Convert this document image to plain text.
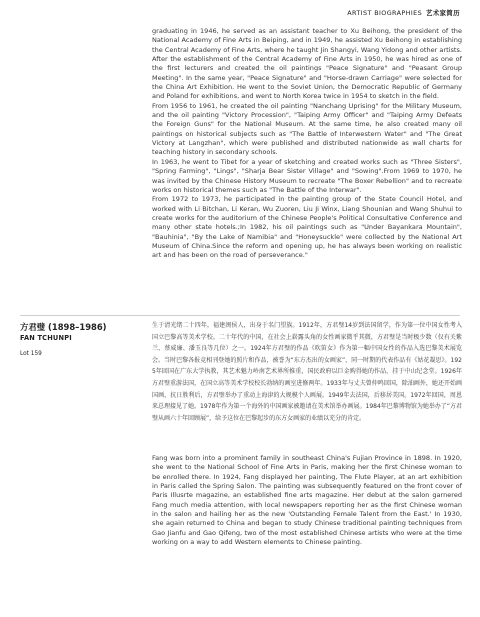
ARTIST BIOGRAPHIES 艺术家简历

graduating in 1946, he served as an assistant teacher to Xu Beihong, the president of the National Academy of Fine Arts in Beiping, and in 1949, he assisted Xu Beihong in establishing the Central Academy of Fine Arts, where he taught Jin Shangyi, Wang Yidong and other artists. After the establishment of the Central Academy of Fine Arts in 1950, he was hired as one of the first lecturers and created the oil paintings "Peace Signature" and "Peasant Group Meeting". In the same year, "Peace Signature" and "Horse-drawn Carriage" were selected for the China Art Exhibition. He went to the Soviet Union, the Democratic Republic of Germany and Poland for exhibitions, and went to North Korea twice in 1954 to sketch in the field.

From 1956 to 1961, he created the oil painting "Nanchang Uprising" for the Military Museum, and the oil painting "Victory Procession", "Taiping Army Officer" and "Taiping Army Defeats the Foreign Guns" for the National Museum. At the same time, he also created many oil paintings on historical subjects such as "The Battle of Interwestern Water" and "The Great Victory at Langzhan", which were published and distributed nationwide as wall charts for teaching history in secondary schools.

In 1963, he went to Tibet for a year of sketching and created works such as "Three Sisters", "Spring Farming", "Lings", "Sharja Bear Sister Village" and "Sowing".From 1969 to 1970, he was invited by the Chinese History Museum to recreate "The Boxer Rebellion" and to recreate works on historical themes such as "The Battle of the Interwar".

From 1972 to 1973, he participated in the painting group of the State Council Hotel, and worked with Li Bitchan, Li Keran, Wu Zuoren, Liu Ji Winx, Liang Shounian and Wang Shuhui to create works for the auditorium of the Chinese People's Political Consultative Conference and many other state hotels.;In 1982, his oil paintings such as "Under Bayankara Mountain", "Bauhinia", "By the Lake of Namibia" and "Honeysuckle" were collected by the National Art Museum of China.Since the reform and opening up, he has always been working on realistic art and has been on the road of perseverance."

方君璧 (1898–1986)

FAN TCHUNPI

Lot 159

生于清光绪二十四年，福建闽侯人，出身于名门望族。1912年，方君璧14岁到法国留学，作为第一位中国女性考入国立巴黎高等美术学校。二十年代的中国，在社会上崭露头角的女性画家微乎其微，方君璧是当时极少数（仅有关紫兰、蔡威廉、潘玉良等几位）之一。1924年方君璧的作品《吹笛女》作为第一幅中国女性的作品入选巴黎美术展览会。当时巴黎各报竞相刊登她的照片和作品，被誉为“东方杰出的女画家”，同一时期的代表作品有《姑花凝思》。1925年回国在广东大学执教，其艺术魅力岭南艺术界所推重，国民政府以巨金购得她的作品，挂于中山纪念堂。1926年方君璧重游法国，在国立高等美术学校校长勃纳的画室进修两年。1933年与丈夫曾仲鸣回国，除油画外，她还开始画国画，抗日胜利后，方君璧举办了重动上海津的大规模个人画展。1949年去法国，后移居美国。1972年回国，周恩来总理接见了她。1978年作为第一个海外的中国画家被邀请在美术馆举办画展。1984年巴黎博物馆为她举办了“方君璧从画六十年回顾展”，给予这位在巴黎起步的东方女画家的业绩以充分的肯定。

Fang was born into a prominent family in southeast China's Fujian Province in 1898. In 1920, she went to the National School of Fine Arts in Paris, making her the first Chinese woman to be enrolled there. In 1924, Fang displayed her painting, The Flute Player, at an art exhibition in Paris called the Spring Salon. The painting was subsequently featured on the front cover of Paris Illusrte magazine, an established fine arts magazine. Her debut at the salon garnered Fang much media attention, with local newspapers reporting her as the first Chinese woman in the salon and hailing her as the new 'Outstanding Female Talent from the East.' In 1930, she again returned to China and began to study Chinese traditional painting techniques from Gao Jianfu and Gao Qifeng, two of the most established Chinese artists who were at the time working on a way to add Western elements to Chinese painting.
